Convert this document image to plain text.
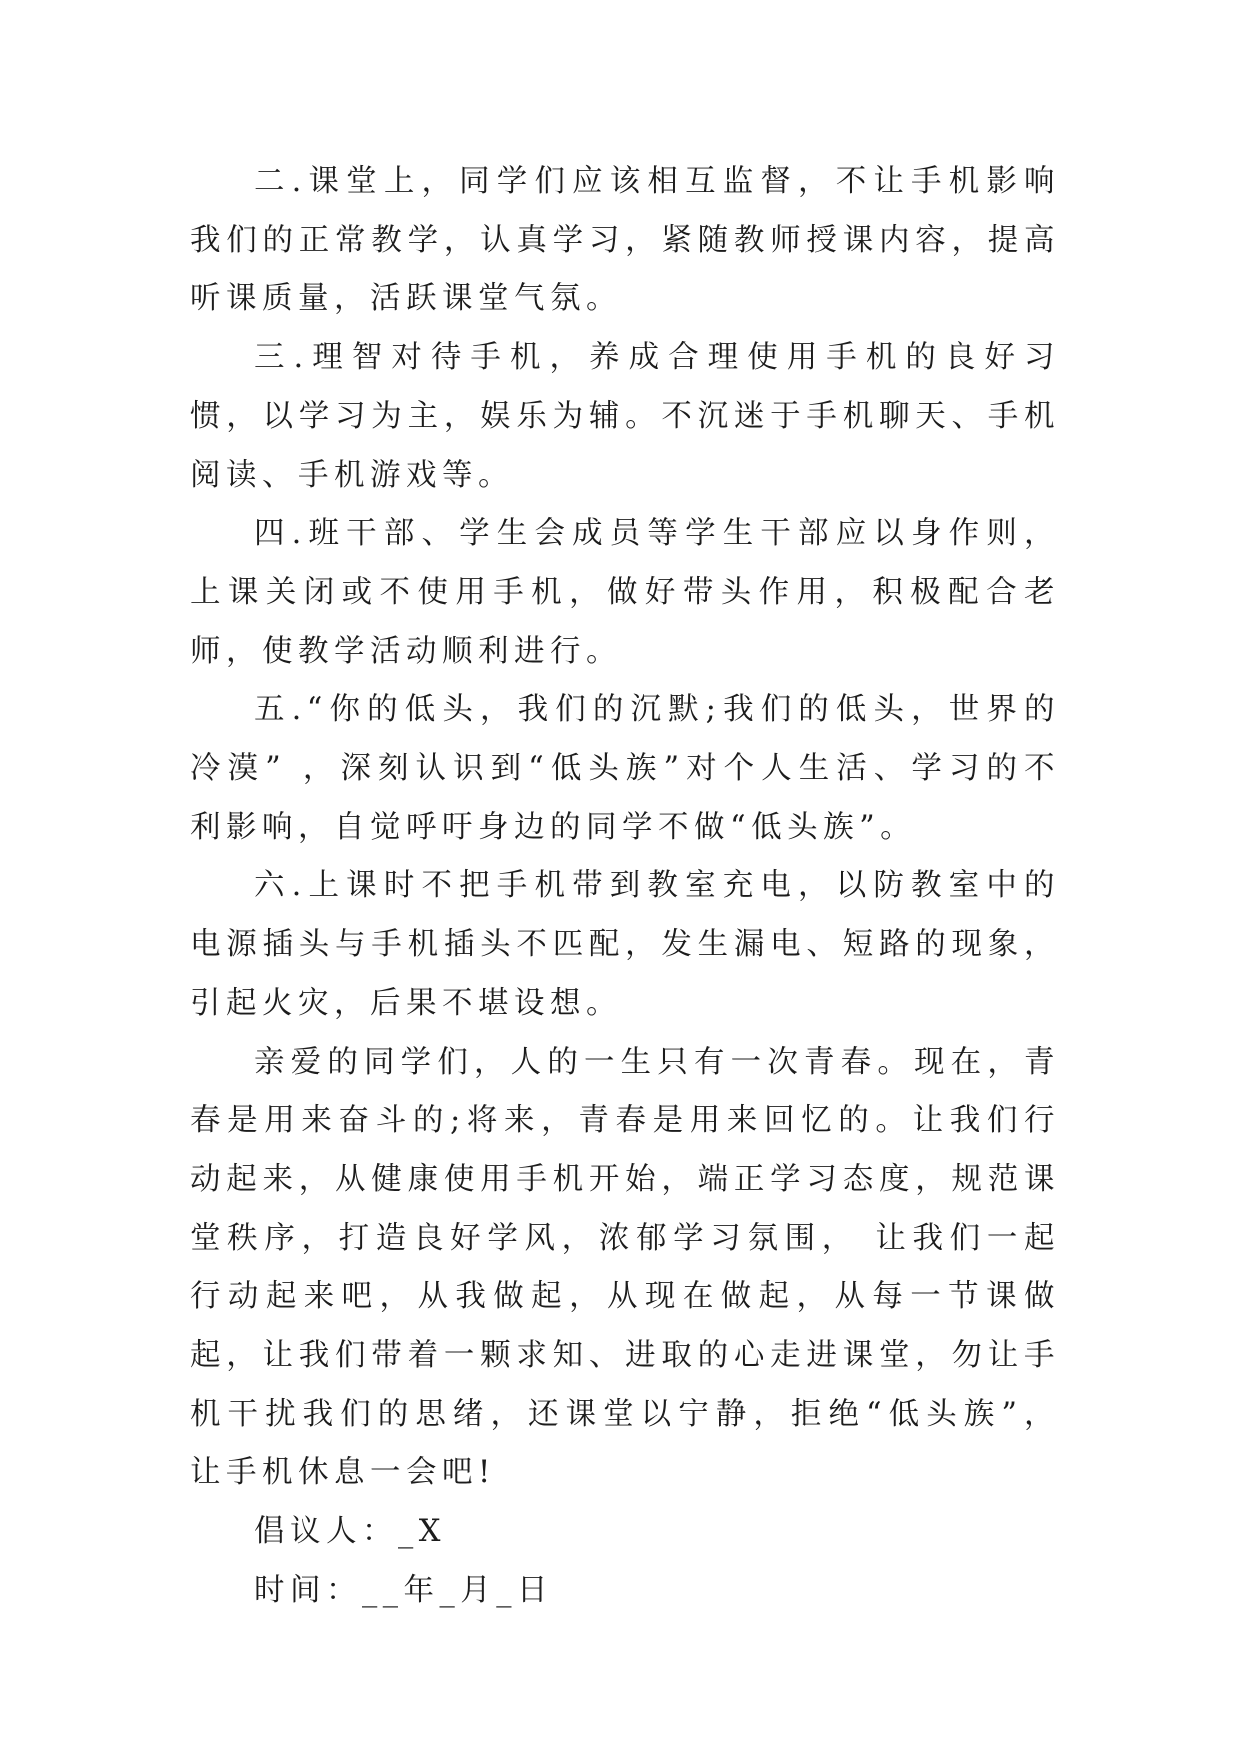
二.课堂上，同学们应该相互监督，不让手机影响我们的正常教学，认真学习，紧随教师授课内容，提高听课质量，活跃课堂气氛。

三.理智对待手机，养成合理使用手机的良好习惯，以学习为主，娱乐为辅。不沉迷于手机聊天、手机阅读、手机游戏等。

四.班干部、学生会成员等学生干部应以身作则，上课关闭或不使用手机，做好带头作用，积极配合老师，使教学活动顺利进行。

五.“你的低头，我们的沉默;我们的低头，世界的冷漠” ，深刻认识到“低头族”对个人生活、学习的不利影响，自觉呼吁身边的同学不做“低头族”。

六.上课时不把手机带到教室充电，以防教室中的电源插头与手机插头不匹配，发生漏电、短路的现象，引起火灾，后果不堪设想。

亲爱的同学们，人的一生只有一次青春。现在，青春是用来奋斗的;将来，青春是用来回忆的。让我们行动起来，从健康使用手机开始，端正学习态度，规范课堂秩序，打造良好学风，浓郁学习氛围， 让我们一起行动起来吧，从我做起，从现在做起，从每一节课做起，让我们带着一颗求知、进取的心走进课堂，勿让手机干扰我们的思绪，还课堂以宁静，拒绝“低头族”，让手机休息一会吧!

倡议人：_X

时间：__年_月_日
